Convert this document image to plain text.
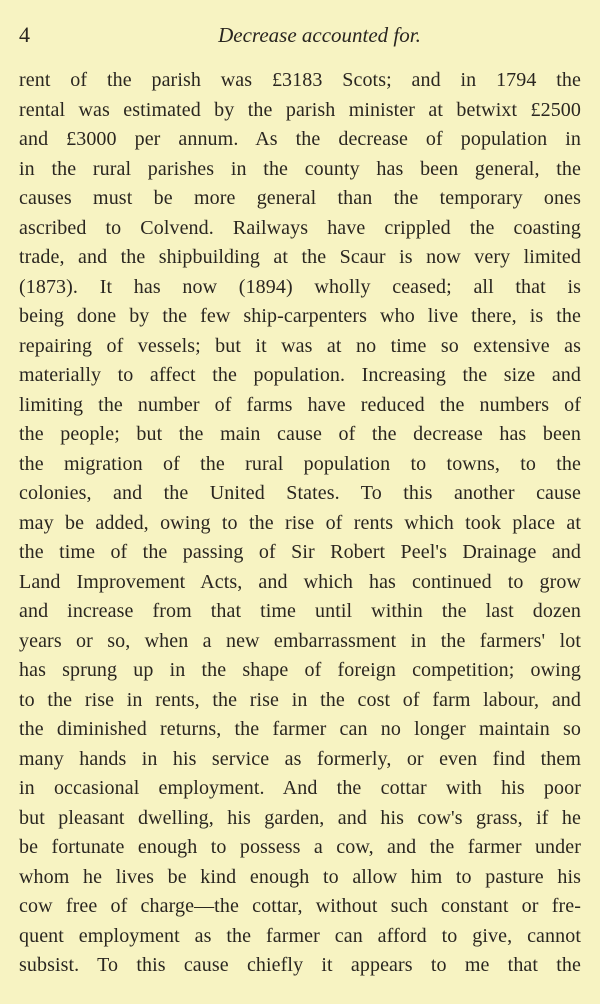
4	Decrease accounted for.
rent of the parish was £3183 Scots; and in 1794 the
rental was estimated by the parish minister at betwixt £2500
and £3000 per annum. As the decrease of population in
in the rural parishes in the county has been general, the
causes must be more general than the temporary ones
ascribed to Colvend. Railways have crippled the coasting
trade, and the shipbuilding at the Scaur is now very limited
(1873). It has now (1894) wholly ceased; all that is
being done by the few ship-carpenters who live there, is the
repairing of vessels; but it was at no time so extensive as
materially to affect the population. Increasing the size and
limiting the number of farms have reduced the numbers of
the people; but the main cause of the decrease has been
the migration of the rural population to towns, to the
colonies, and the United States. To this another cause
may be added, owing to the rise of rents which took place at
the time of the passing of Sir Robert Peel's Drainage and
Land Improvement Acts, and which has continued to grow
and increase from that time until within the last dozen
years or so, when a new embarrassment in the farmers' lot
has sprung up in the shape of foreign competition; owing
to the rise in rents, the rise in the cost of farm labour, and
the diminished returns, the farmer can no longer maintain so
many hands in his service as formerly, or even find them
in occasional employment. And the cottar with his poor
but pleasant dwelling, his garden, and his cow's grass, if he
be fortunate enough to possess a cow, and the farmer under
whom he lives be kind enough to allow him to pasture his
cow free of charge—the cottar, without such constant or fre-
quent employment as the farmer can afford to give, cannot
subsist. To this cause chiefly it appears to me that the
